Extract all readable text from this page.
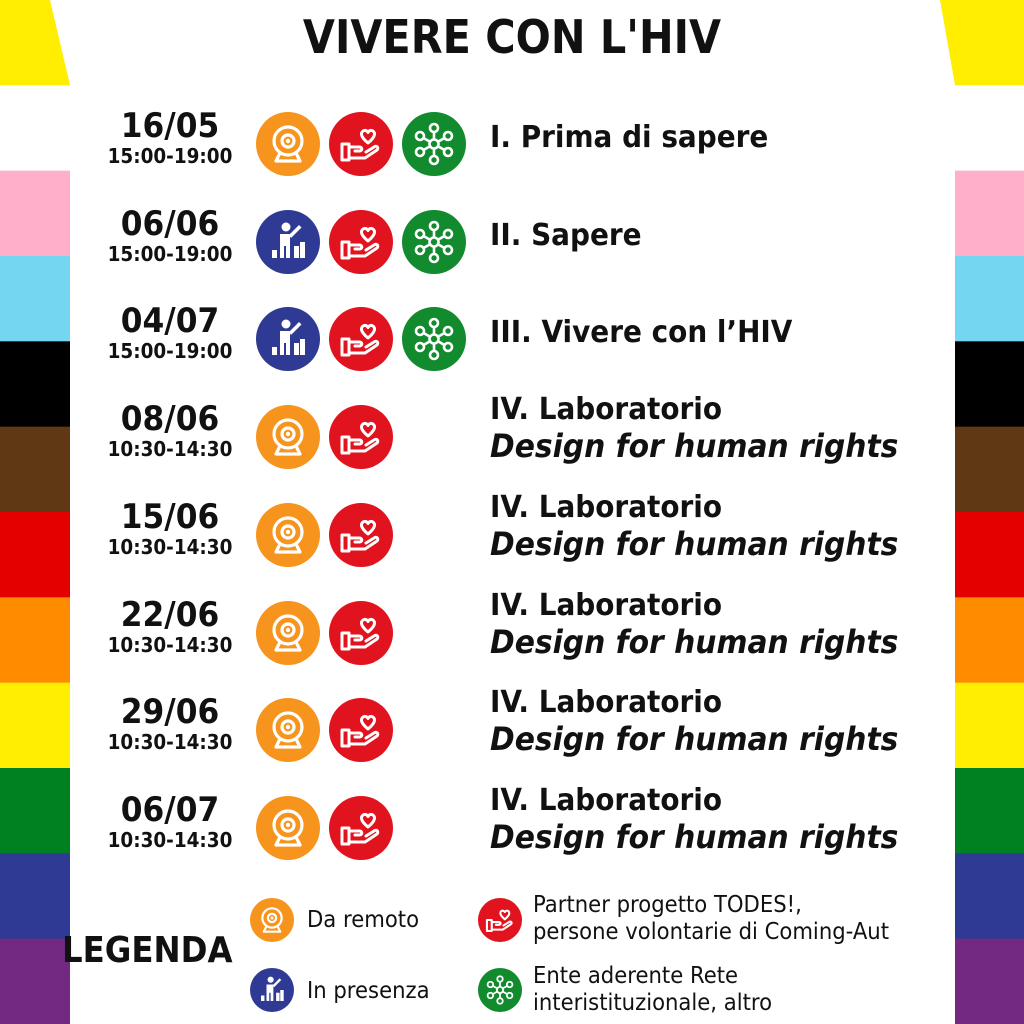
VIVERE CON L'HIV
16/05
15:00-19:00
I. Prima di sapere
06/06
15:00-19:00
II. Sapere
04/07
15:00-19:00
III. Vivere con l’HIV
08/06
10:30-14:30
IV. Laboratorio
Design for human rights
15/06
10:30-14:30
IV. Laboratorio
Design for human rights
22/06
10:30-14:30
IV. Laboratorio
Design for human rights
29/06
10:30-14:30
IV. Laboratorio
Design for human rights
06/07
10:30-14:30
IV. Laboratorio
Design for human rights
LEGENDA
Da remoto
In presenza
Partner progetto TODES!,
persone volontarie di Coming-Aut
Ente aderente Rete
interistituzionale, altro
